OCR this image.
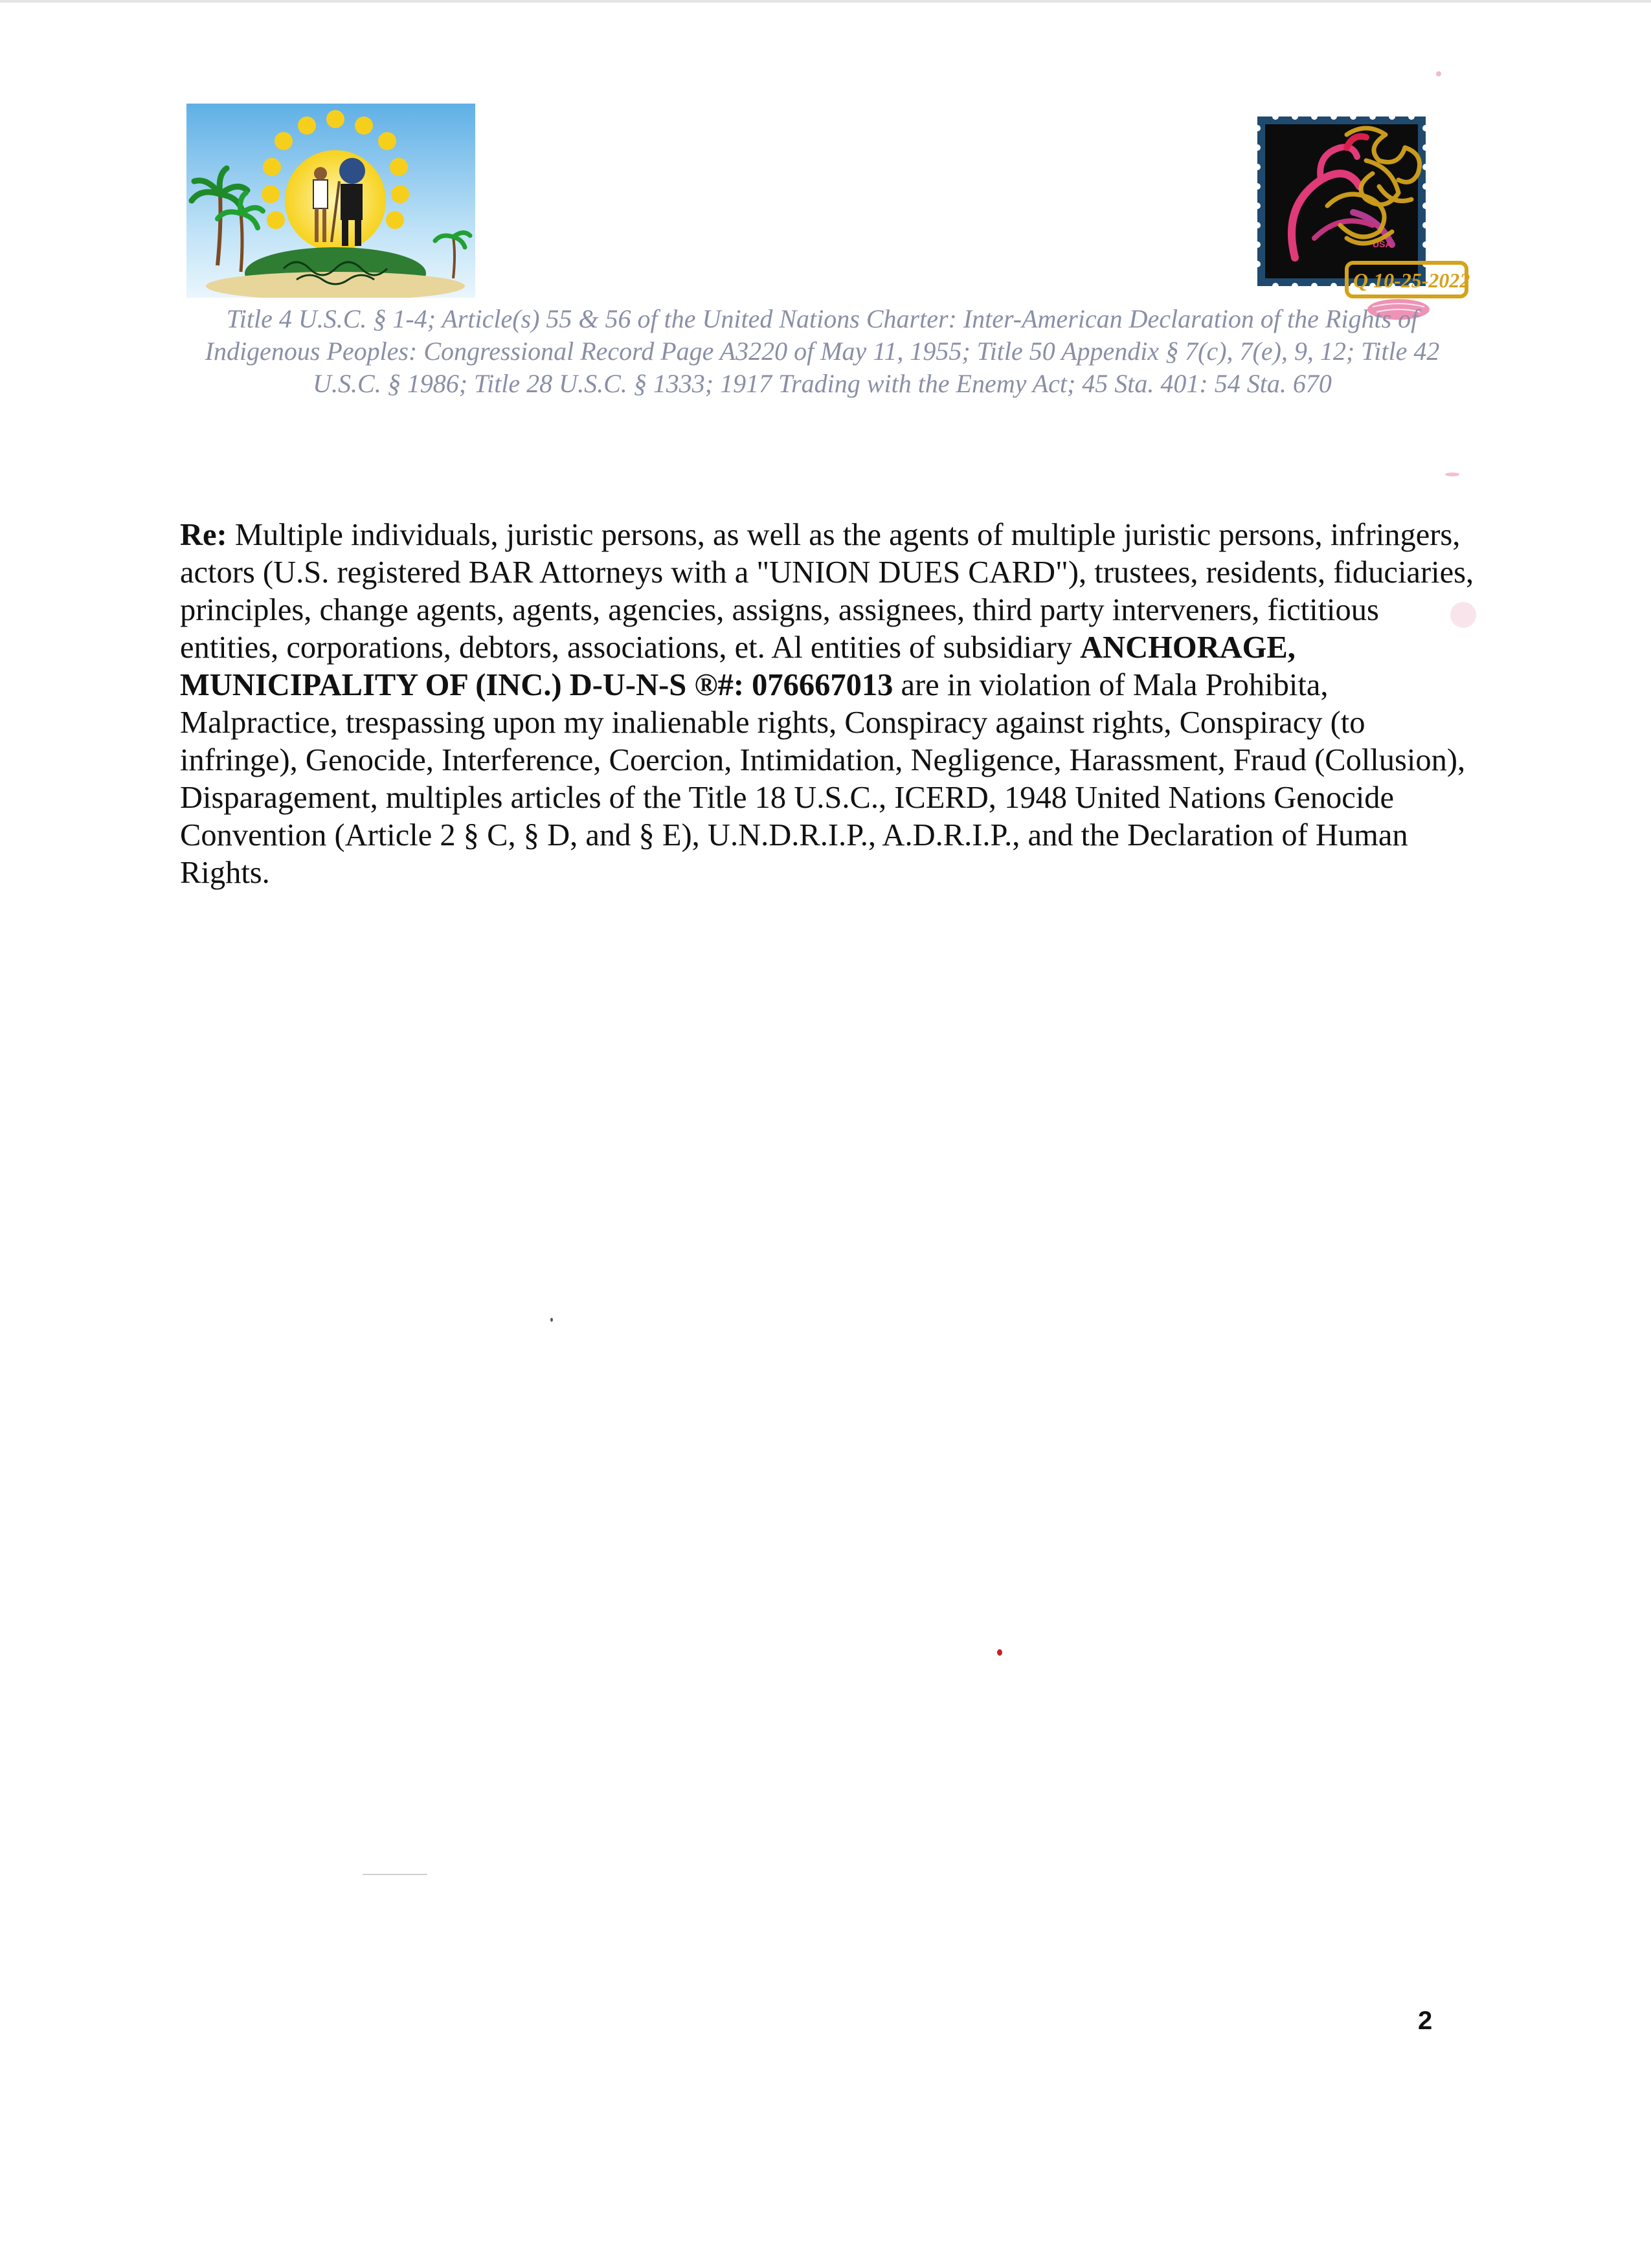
USA
Q 10-25-2022
Title 4 U.S.C. § 1-4; Article(s) 55 & 56 of the United Nations Charter: Inter-American Declaration of the Rights of Indigenous Peoples: Congressional Record Page A3220 of May 11, 1955; Title 50 Appendix § 7(c), 7(e), 9, 12; Title 42 U.S.C. § 1986; Title 28 U.S.C. § 1333; 1917 Trading with the Enemy Act; 45 Sta. 401: 54 Sta. 670
Re: Multiple individuals, juristic persons, as well as the agents of multiple juristic persons, infringers, actors (U.S. registered BAR Attorneys with a "UNION DUES CARD"), trustees, residents, fiduciaries, principles, change agents, agents, agencies, assigns, assignees, third party interveners, fictitious entities, corporations, debtors, associations, et. Al entities of subsidiary ANCHORAGE, MUNICIPALITY OF (INC.) D-U-N-S ®#: 076667013 are in violation of Mala Prohibita, Malpractice, trespassing upon my inalienable rights, Conspiracy against rights, Conspiracy (to infringe), Genocide, Interference, Coercion, Intimidation, Negligence, Harassment, Fraud (Collusion), Disparagement, multiples articles of the Title 18 U.S.C., ICERD, 1948 United Nations Genocide Convention (Article 2 § C, § D, and § E), U.N.D.R.I.P., A.D.R.I.P., and the Declaration of Human Rights.
2
